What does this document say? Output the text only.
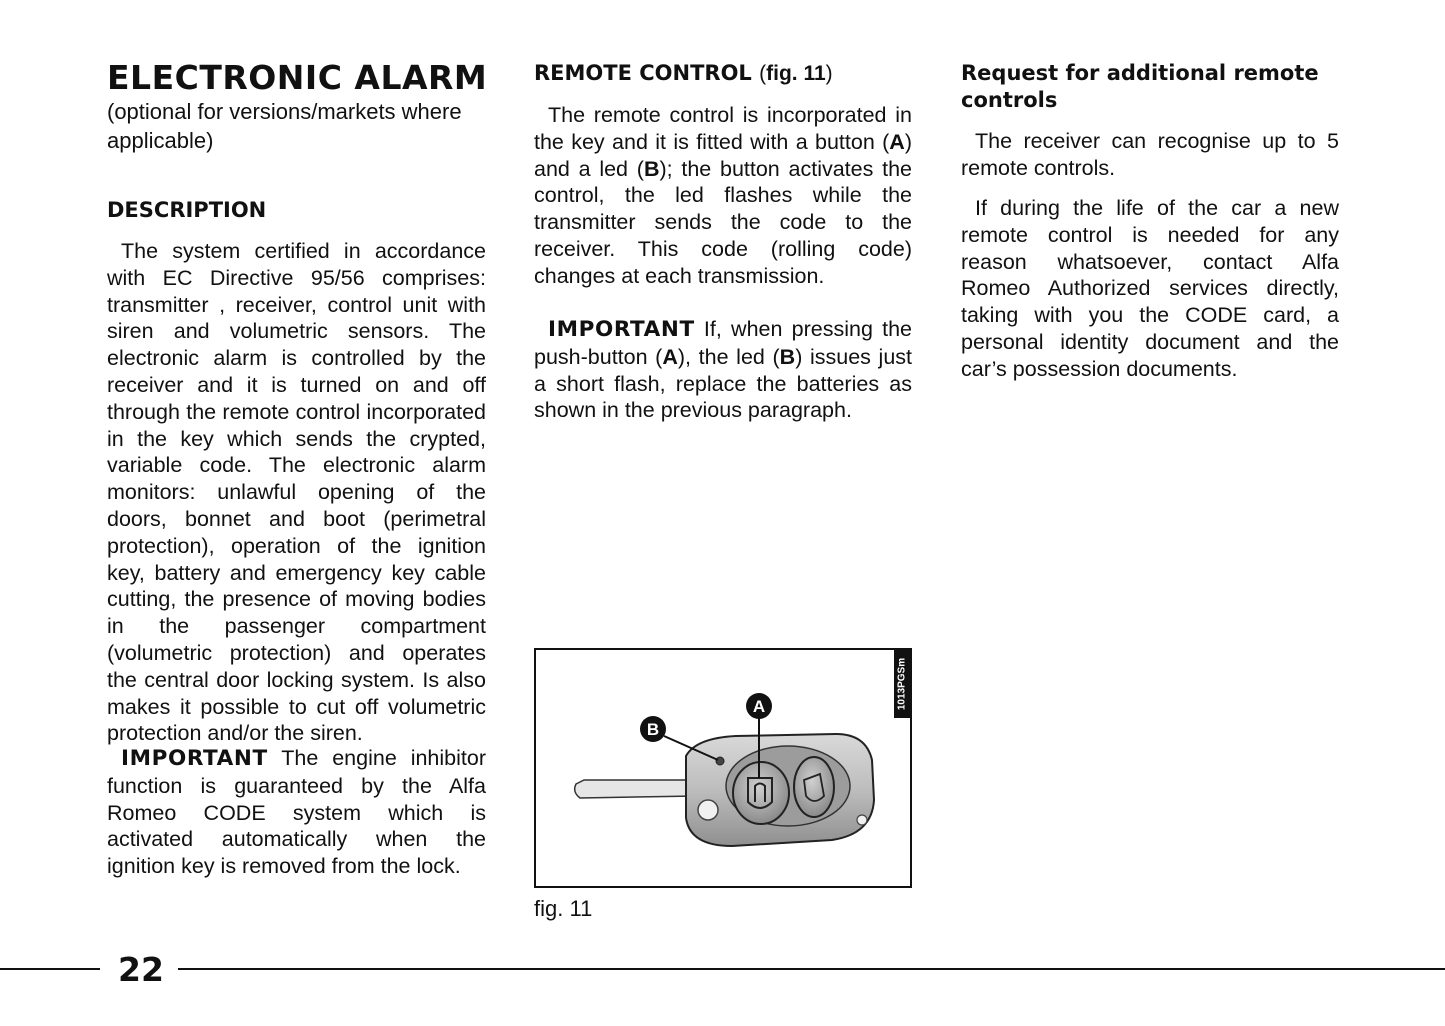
ELECTRONIC ALARM

(optional for versions/markets where applicable)

DESCRIPTION

The system certified in accordance with EC Directive 95/56 comprises: transmitter , receiver, control unit with siren and volumetric sensors. The electronic alarm is controlled by the receiver and it is turned on and off through the remote control incorporated in the key which sends the crypted, variable code. The electronic alarm monitors: unlawful opening of the doors, bonnet and boot (perimetral protection), operation of the ignition key, battery and emergency key cable cutting, the presence of moving bodies in the passenger compartment (volumetric protection) and operates the central door locking system. Is also makes it possible to cut off volumetric protection and/or the siren.

IMPORTANT The engine inhibitor function is guaranteed by the Alfa Romeo CODE system which is activated automatically when the ignition key is removed from the lock.

REMOTE CONTROL (fig. 11)

The remote control is incorporated in the key and it is fitted with a button (A) and a led (B); the button activates the control, the led flashes while the transmitter sends the code to the receiver. This code (rolling code) changes at each transmission.

IMPORTANT If, when pressing the push-button (A), the led (B) issues just a short flash, replace the batteries as shown in the previous paragraph.

1013PGSm
B
A
fig. 11
Request for additional remote controls

The receiver can recognise up to 5 remote controls.

If during the life of the car a new remote control is needed for any reason whatsoever, contact Alfa Romeo Authorized services directly, taking with you the CODE card, a personal identity document and the car’s possession documents.

22
